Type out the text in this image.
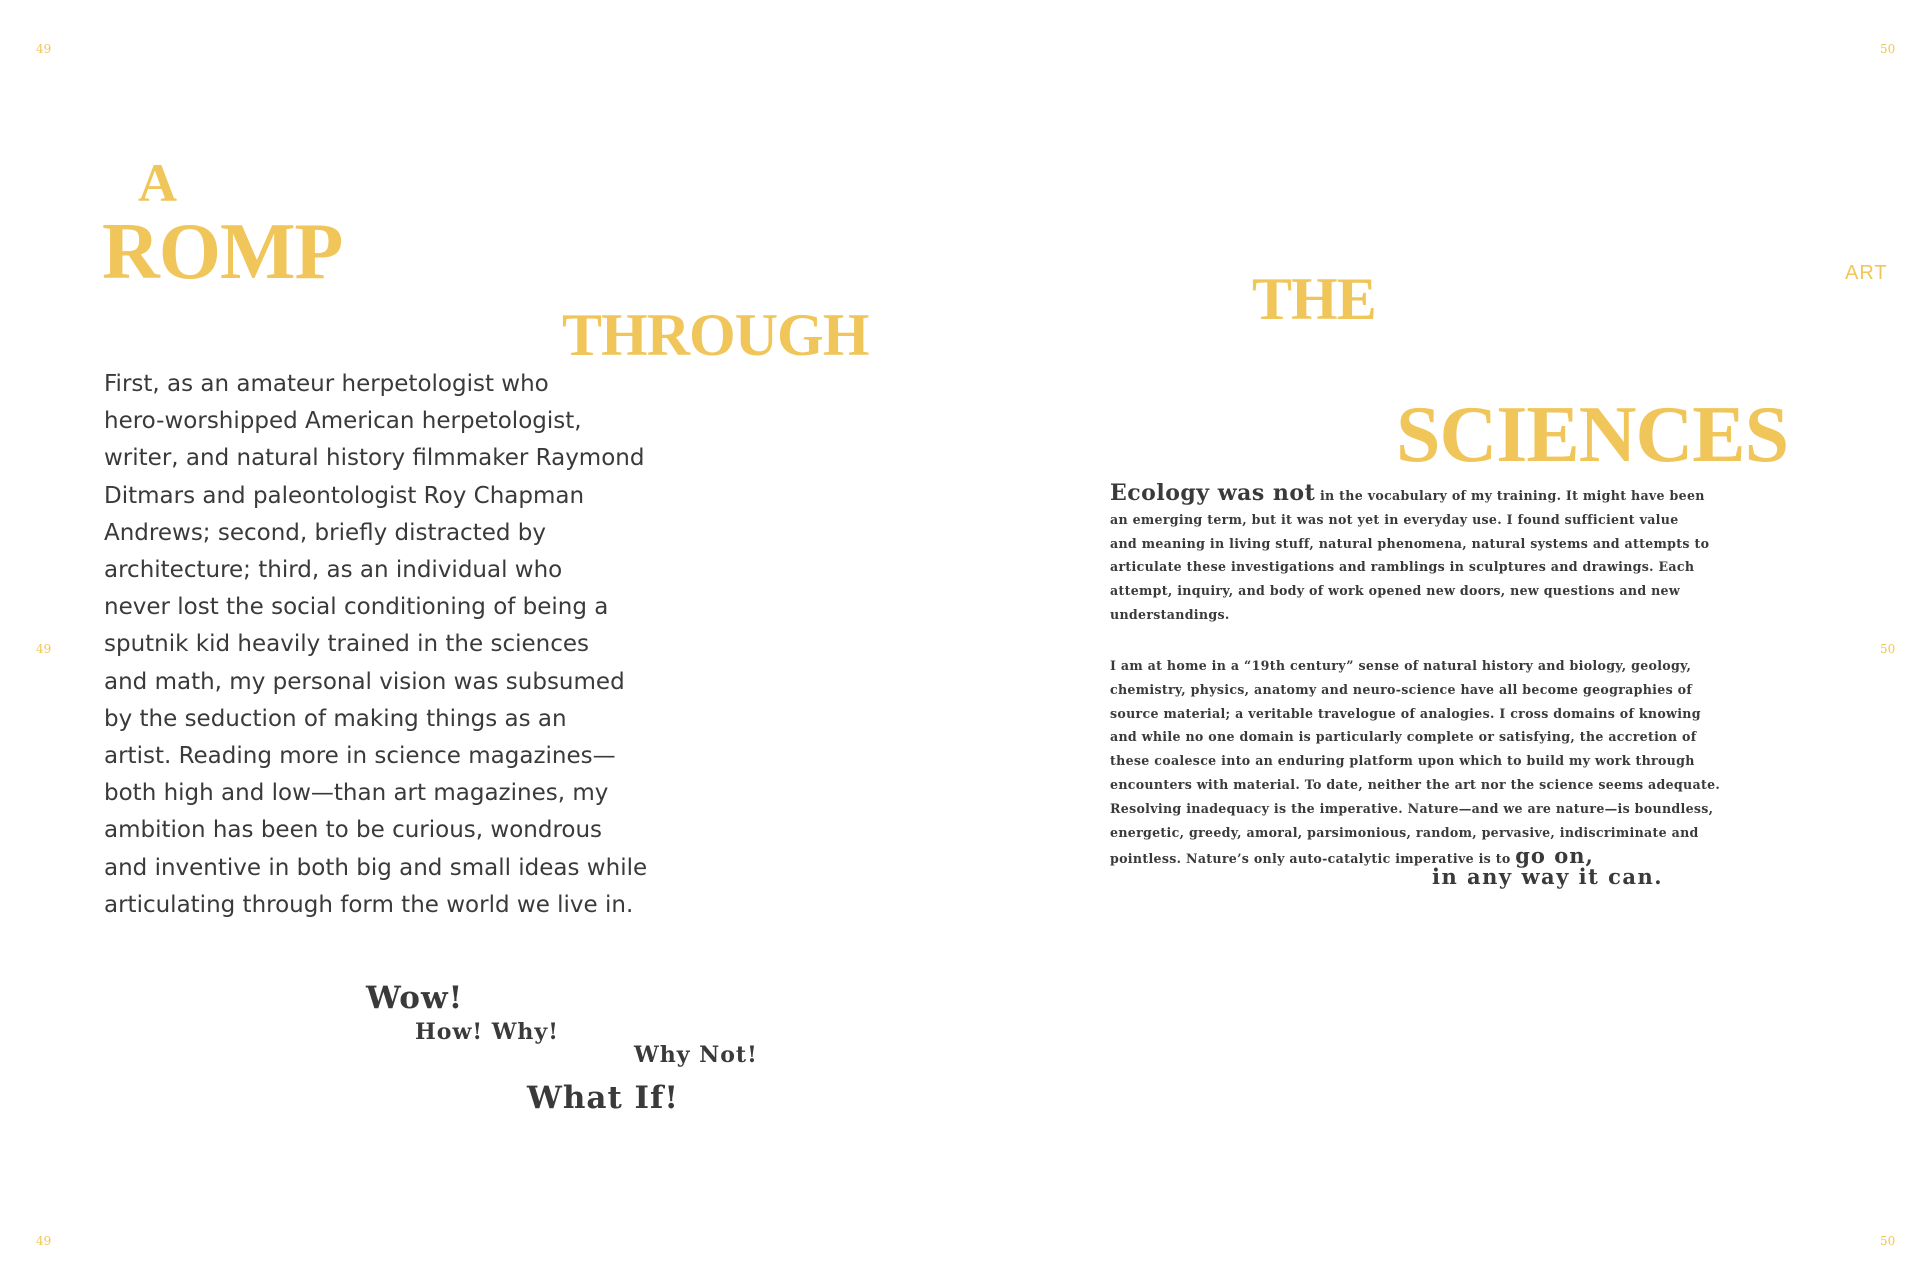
49
49
49
50
50
50
ART
A
ROMP
THROUGH
THE
SCIENCES
First, as an amateur herpetologist who
hero-worshipped American herpetologist,
writer, and natural history filmmaker Raymond
Ditmars and paleontologist Roy Chapman
Andrews; second, briefly distracted by
architecture; third, as an individual who
never lost the social conditioning of being a
sputnik kid heavily trained in the sciences
and math, my personal vision was subsumed
by the seduction of making things as an
artist. Reading more in science magazines—
both high and low—than art magazines, my
ambition has been to be curious, wondrous
and inventive in both big and small ideas while
articulating through form the world we live in.
Wow!
How! Why!
Why Not!
What If!
Ecology was not in the vocabulary of my training. It might have been
an emerging term, but it was not yet in everyday use. I found sufficient value
and meaning in living stuff, natural phenomena, natural systems and attempts to
articulate these investigations and ramblings in sculptures and drawings. Each
attempt, inquiry, and body of work opened new doors, new questions and new
understandings.
I am at home in a “19th century” sense of natural history and biology, geology,
chemistry, physics, anatomy and neuro-science have all become geographies of
source material; a veritable travelogue of analogies. I cross domains of knowing
and while no one domain is particularly complete or satisfying, the accretion of
these coalesce into an enduring platform upon which to build my work through
encounters with material. To date, neither the art nor the science seems adequate.
Resolving inadequacy is the imperative. Nature—and we are nature—is boundless,
energetic, greedy, amoral, parsimonious, random, pervasive, indiscriminate and
pointless. Nature’s only auto-catalytic imperative is to go on,
in any way it can.
